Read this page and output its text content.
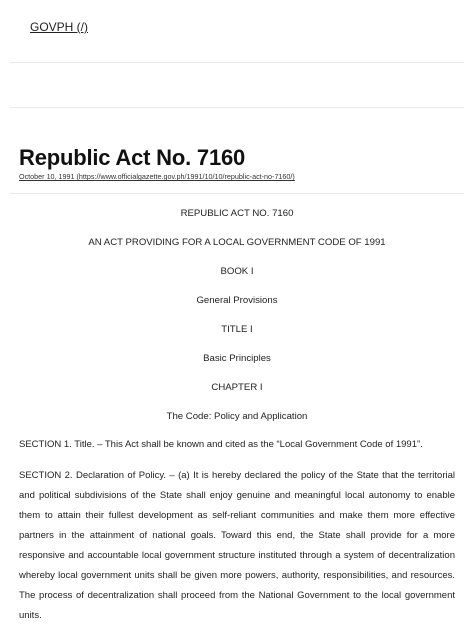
GOVPH (/)
Republic Act No. 7160
October 10, 1991 (https://www.officialgazette.gov.ph/1991/10/10/republic-act-no-7160/)
REPUBLIC ACT NO. 7160
AN ACT PROVIDING FOR A LOCAL GOVERNMENT CODE OF 1991
BOOK I
General Provisions
TITLE I
Basic Principles
CHAPTER I
The Code: Policy and Application

SECTION 1. Title. – This Act shall be known and cited as the “Local Government Code of 1991”.

SECTION 2. Declaration of Policy. – (a) It is hereby declared the policy of the State that the territorial and political subdivisions of the State shall enjoy genuine and meaningful local autonomy to enable them to attain their fullest development as self-reliant communities and make them more effective partners in the attainment of national goals. Toward this end, the State shall provide for a more responsive and accountable local government structure instituted through a system of decentralization whereby local government units shall be given more powers, authority, responsibilities, and resources. The process of decentralization shall proceed from the National Government to the local government units.
